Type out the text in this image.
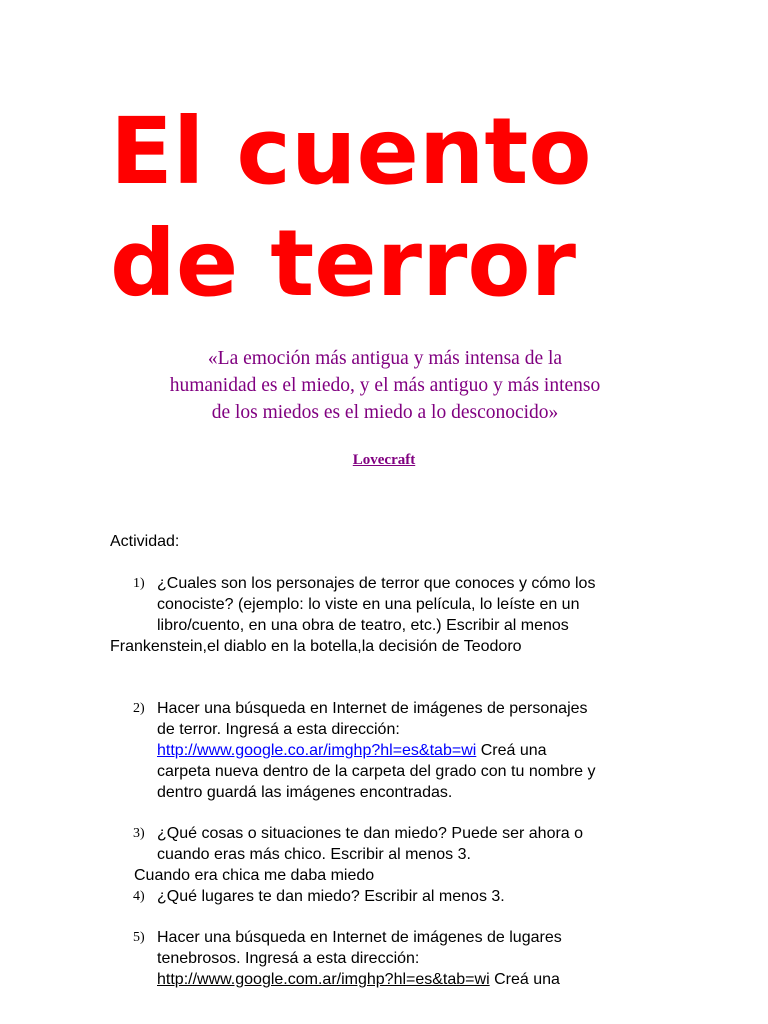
El cuento
de terror

«La emoción más antigua y más intensa de la
humanidad es el miedo, y el más antiguo y más intenso
de los miedos es el miedo a lo desconocido»

Lovecraft

Actividad:

1) ¿Cuales son los personajes de terror que conoces y cómo los
conociste? (ejemplo: lo viste en una película, lo leíste en un
libro/cuento, en una obra de teatro, etc.) Escribir al menos

Frankenstein,el diablo en la botella,la decisión de Teodoro

2) Hacer una búsqueda en Internet de imágenes de personajes
de terror. Ingresá a esta dirección:
http://www.google.co.ar/imghp?hl=es&tab=wi Creá una
carpeta nueva dentro de la carpeta del grado con tu nombre y
dentro guardá las imágenes encontradas.

3) ¿Qué cosas o situaciones te dan miedo? Puede ser ahora o
cuando eras más chico. Escribir al menos 3.

Cuando era chica me daba miedo

4) ¿Qué lugares te dan miedo? Escribir al menos 3.

5) Hacer una búsqueda en Internet de imágenes de lugares
tenebrosos. Ingresá a esta dirección:
http://www.google.com.ar/imghp?hl=es&tab=wi Creá una
